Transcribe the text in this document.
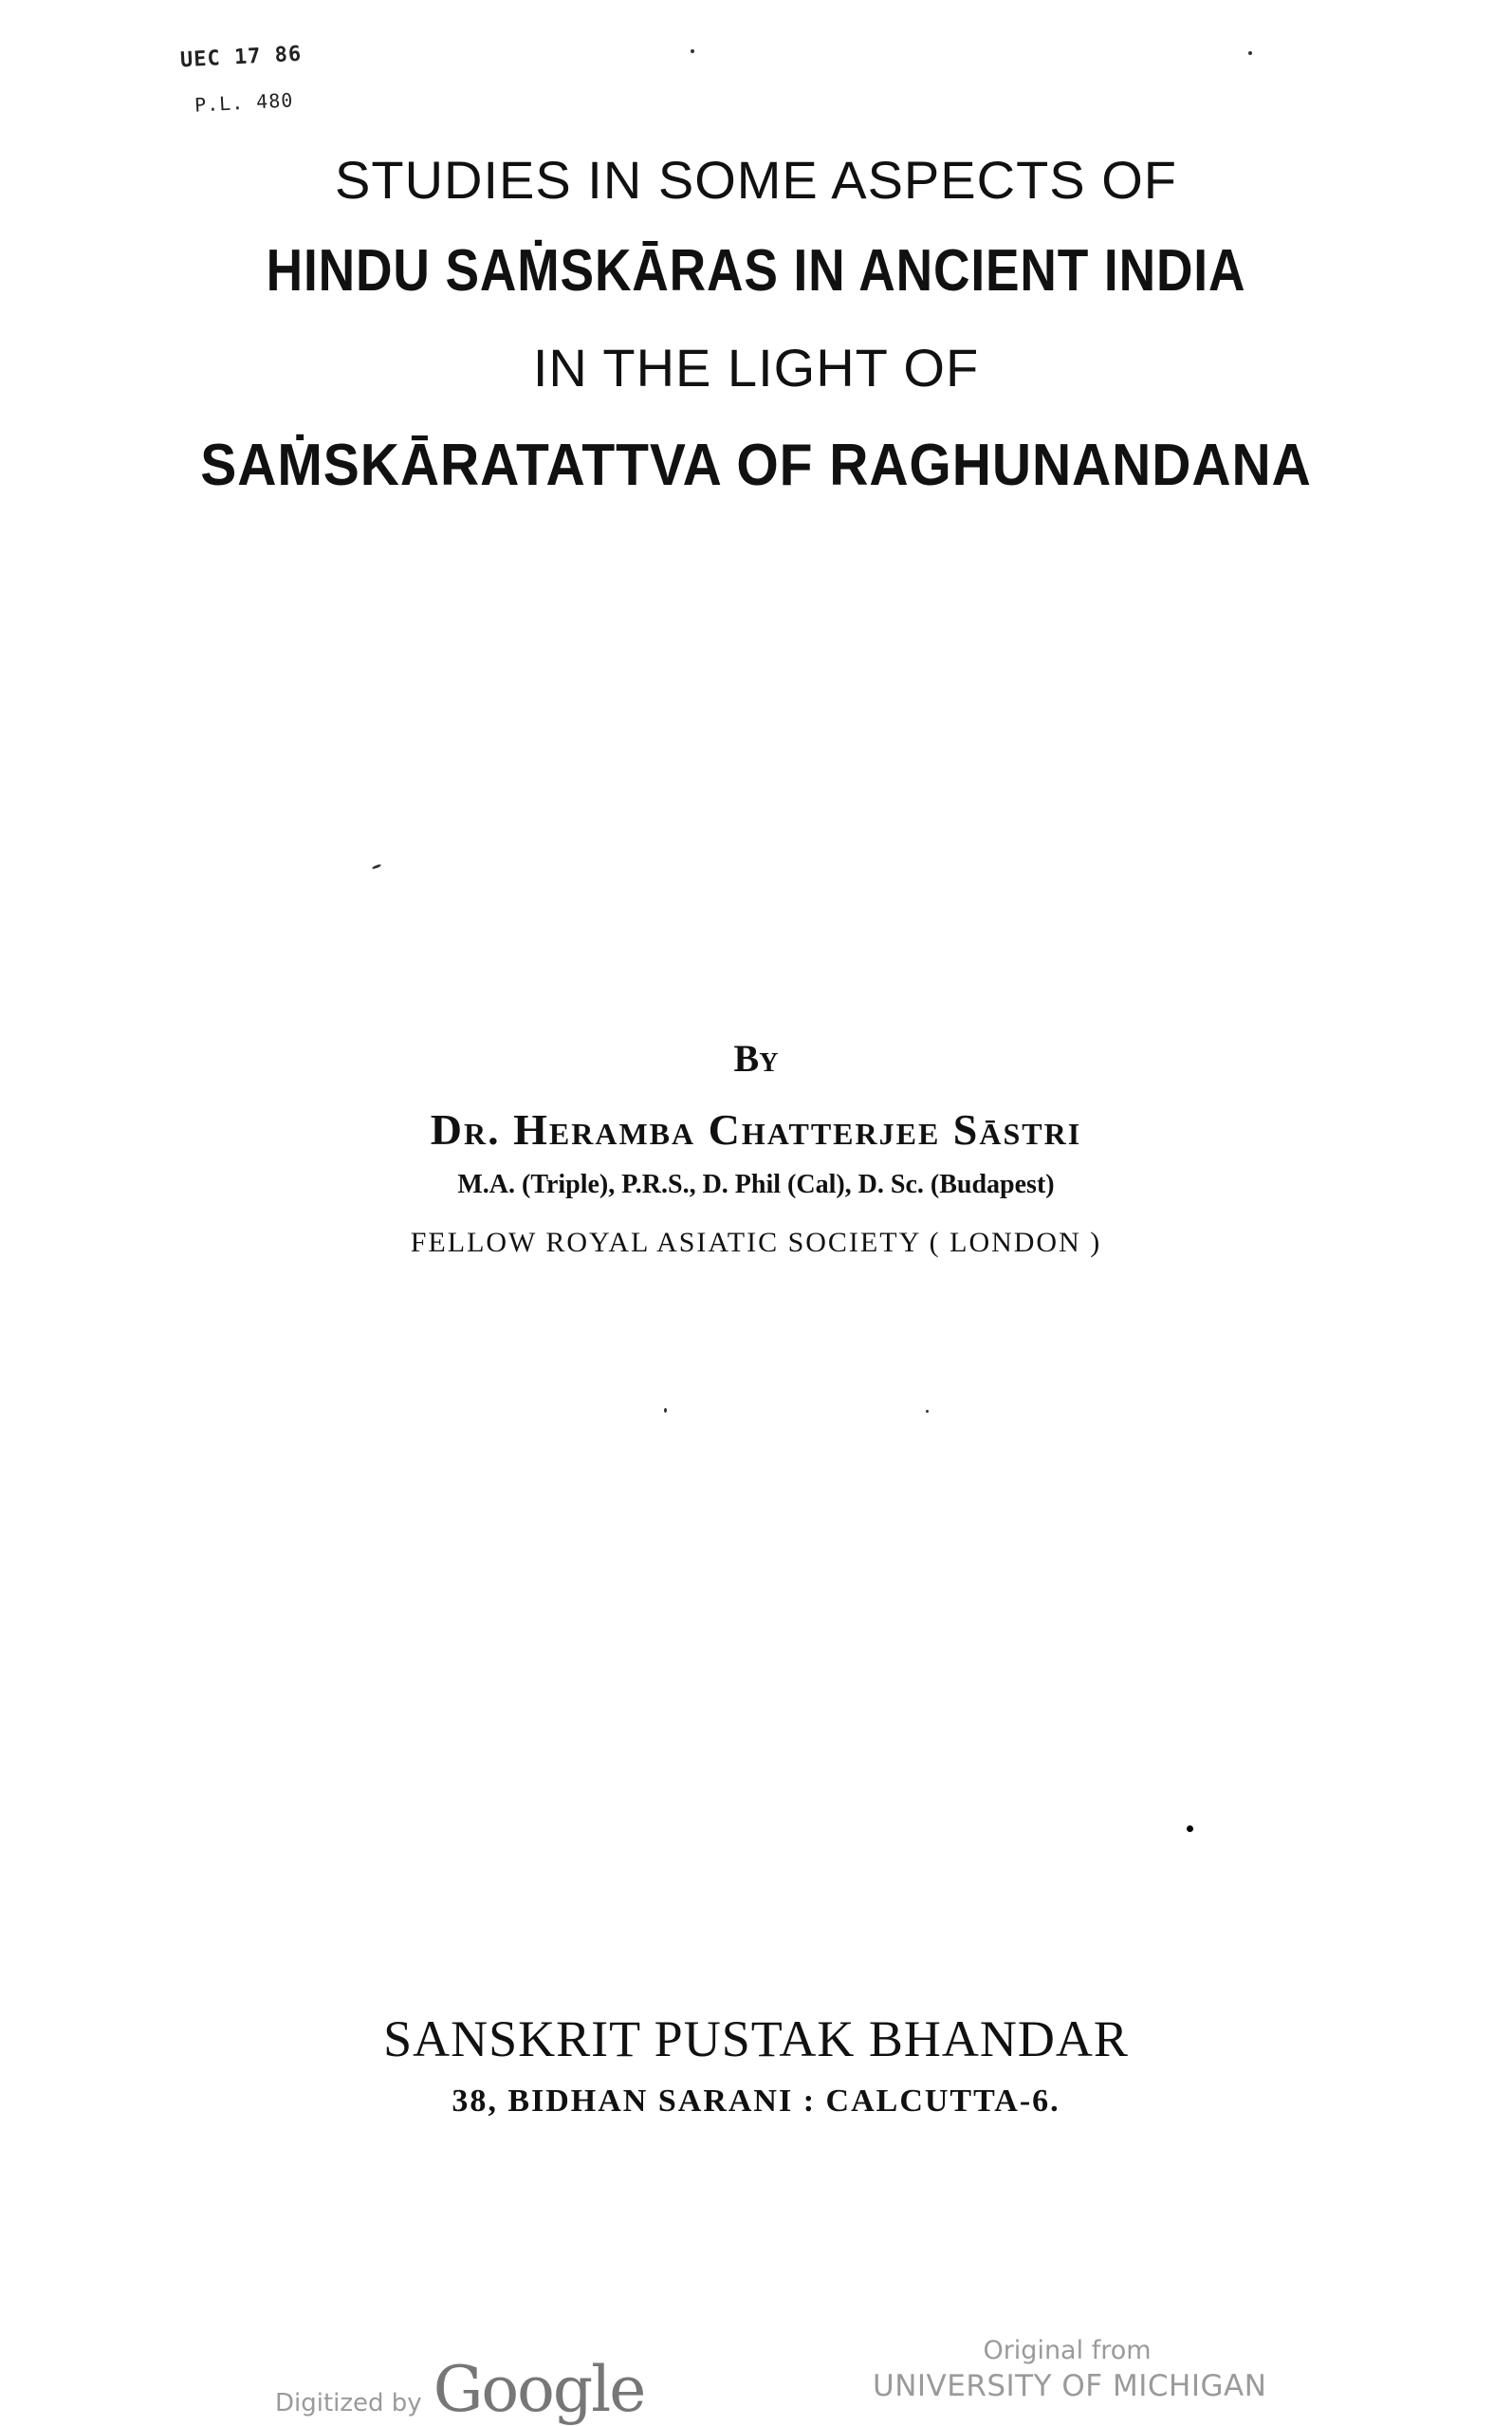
UEC 17 86
P.L. 480
STUDIES IN SOME ASPECTS OF
HINDU SAṀSKĀRAS IN ANCIENT INDIA
IN THE LIGHT OF
SAṀSKĀRATATTVA OF RAGHUNANDANA
By
Dr. Heramba Chatterjee Sāstri
M.A. (Triple), P.R.S., D. Phil (Cal), D. Sc. (Budapest)
FELLOW ROYAL ASIATIC SOCIETY ( LONDON )
SANSKRIT PUSTAK BHANDAR
38, BIDHAN SARANI : CALCUTTA-6.
Digitized by Google
Original from
UNIVERSITY OF MICHIGAN
